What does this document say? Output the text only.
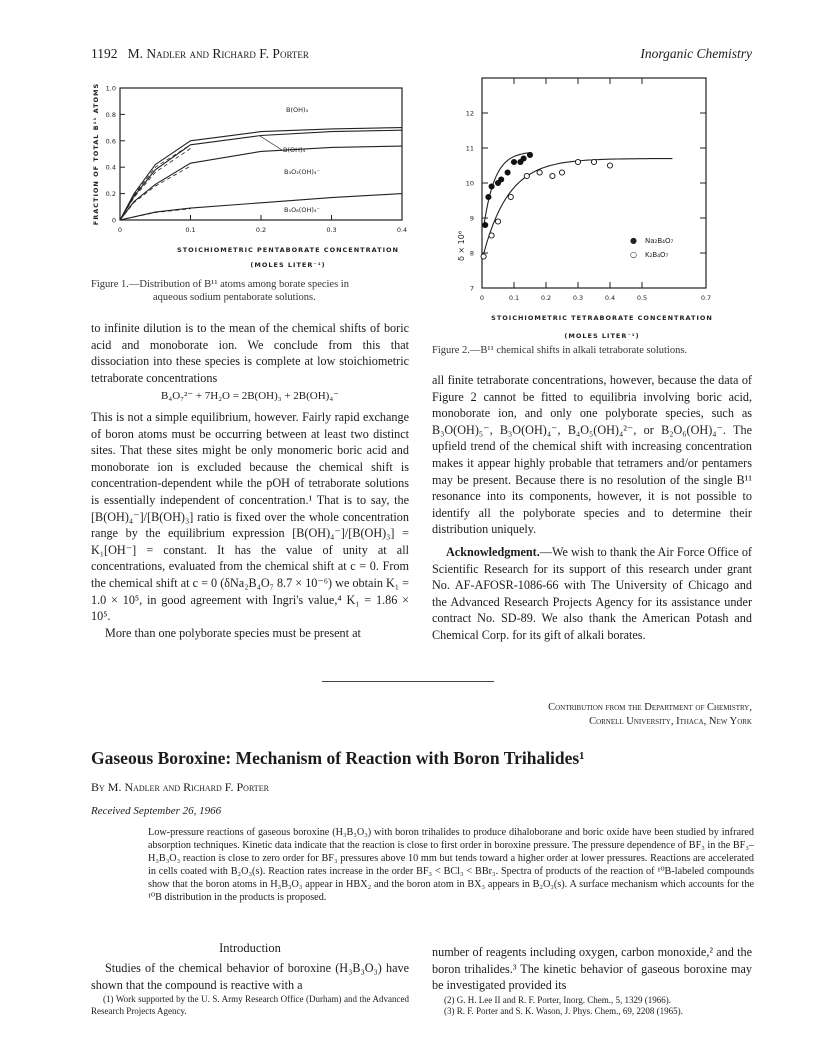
1192 M. Nadler and Richard F. Porter	Inorganic Chemistry
FRACTION OF TOTAL B¹¹ ATOMS 0
0.2
0.4
0.6
0.8
1.0
0	0.1	0.2	0.3	0.4
B(OH)₃
B(OH)₄⁻
B₃O₃(OH)₄⁻
B₅O₆(OH)₄⁻
STOICHIOMETRIC PENTABORATE CONCENTRATION
(MOLES LITER⁻¹)
Figure 1.—Distribution of B¹¹ atoms among borate species in
aqueous sodium pentaborate solutions.
δ × 10⁶
7
8
9
10
11
12
0	0.1	0.2	0.3	0.4	0.5	0.7
● Na₂B₄O₇
○ K₂B₄O₇
STOICHIOMETRIC TETRABORATE CONCENTRATION
(MOLES LITER⁻¹)
Figure 2.—B¹¹ chemical shifts in alkali tetraborate solutions.

to infinite dilution is to the mean of the chemical shifts of boric acid and monoborate ion. We conclude from this that dissociation into these species is complete at low stoichiometric tetraborate concentrations

B₄O₇²⁻ + 7H₂O = 2B(OH)₃ + 2B(OH)₄⁻

This is not a simple equilibrium, however. Fairly rapid exchange of boron atoms must be occurring between at least two distinct sites. That these sites might be only monomeric boric acid and monoborate ion is excluded because the chemical shift is concentration-dependent while the pOH of tetraborate solutions is essentially independent of concentration.¹ That is to say, the [B(OH)₄⁻]/[B(OH)₃] ratio is fixed over the whole concentration range by the equilibrium expression [B(OH)₄⁻]/[B(OH)₃] = K₁[OH⁻] = constant. It has the value of unity at all concentrations, evaluated from the chemical shift at c = 0. From the chemical shift at c = 0 (δNa₂B₄O₇ 8.7 × 10⁻⁶) we obtain K₁ = 1.0 × 10⁵, in good agreement with Ingri's value,⁴ K₁ = 1.86 × 10⁵.

More than one polyborate species must be present at

all finite tetraborate concentrations, however, because the data of Figure 2 cannot be fitted to equilibria involving boric acid, monoborate ion, and only one polyborate species, such as B₃O(OH)₅⁻, B₃O(OH)₄⁻, B₄O₅(OH)₄²⁻, or B₂O₆(OH)₄⁻. The upfield trend of the chemical shift with increasing concentration makes it appear highly probable that tetramers and/or pentamers may be present. Because there is no resolution of the single B¹¹ resonance into its components, however, it is not possible to identify all the polyborate species and to determine their distribution uniquely.

Acknowledgment.—We wish to thank the Air Force Office of Scientific Research for its support of this research under grant No. AF-AFOSR-1086-66 with The University of Chicago and the Advanced Research Projects Agency for its assistance under contract No. SD-89. We also thank the American Potash and Chemical Corp. for its gift of alkali borates.

Contribution from the Department of Chemistry,
Cornell University, Ithaca, New York
Gaseous Boroxine: Mechanism of Reaction with Boron Trihalides¹
By M. Nadler and Richard F. Porter
Received September 26, 1966
Low-pressure reactions of gaseous boroxine (H₃B₃O₃) with boron trihalides to produce dihaloborane and boric oxide have been studied by infrared absorption techniques. Kinetic data indicate that the reaction is close to first order in boroxine pressure. The pressure dependence of BF₃ in the BF₃–H₃B₃O₃ reaction is close to zero order for BF₃ pressures above 10 mm but tends toward a higher order at lower pressures. Reactions are accelerated in cells coated with B₂O₃(s). Reaction rates increase in the order BF₃ < BCl₃ < BBr₃. Spectra of products of the reaction of ¹⁰B-labeled compounds show that the boron atoms in H₃B₃O₃ appear in HBX₂ and the boron atom in BX₃ appears in B₂O₃(s). A surface mechanism which accounts for the ¹⁰B distribution in the products is proposed.
Introduction

Studies of the chemical behavior of boroxine (H₃B₃O₃) have shown that the compound is reactive with a

(1) Work supported by the U. S. Army Research Office (Durham) and the Advanced Research Projects Agency.

number of reagents including oxygen, carbon monoxide,² and the boron trihalides.³ The kinetic behavior of gaseous boroxine may be investigated provided its

(2) G. H. Lee II and R. F. Porter, Inorg. Chem., 5, 1329 (1966).

(3) R. F. Porter and S. K. Wason, J. Phys. Chem., 69, 2208 (1965).
